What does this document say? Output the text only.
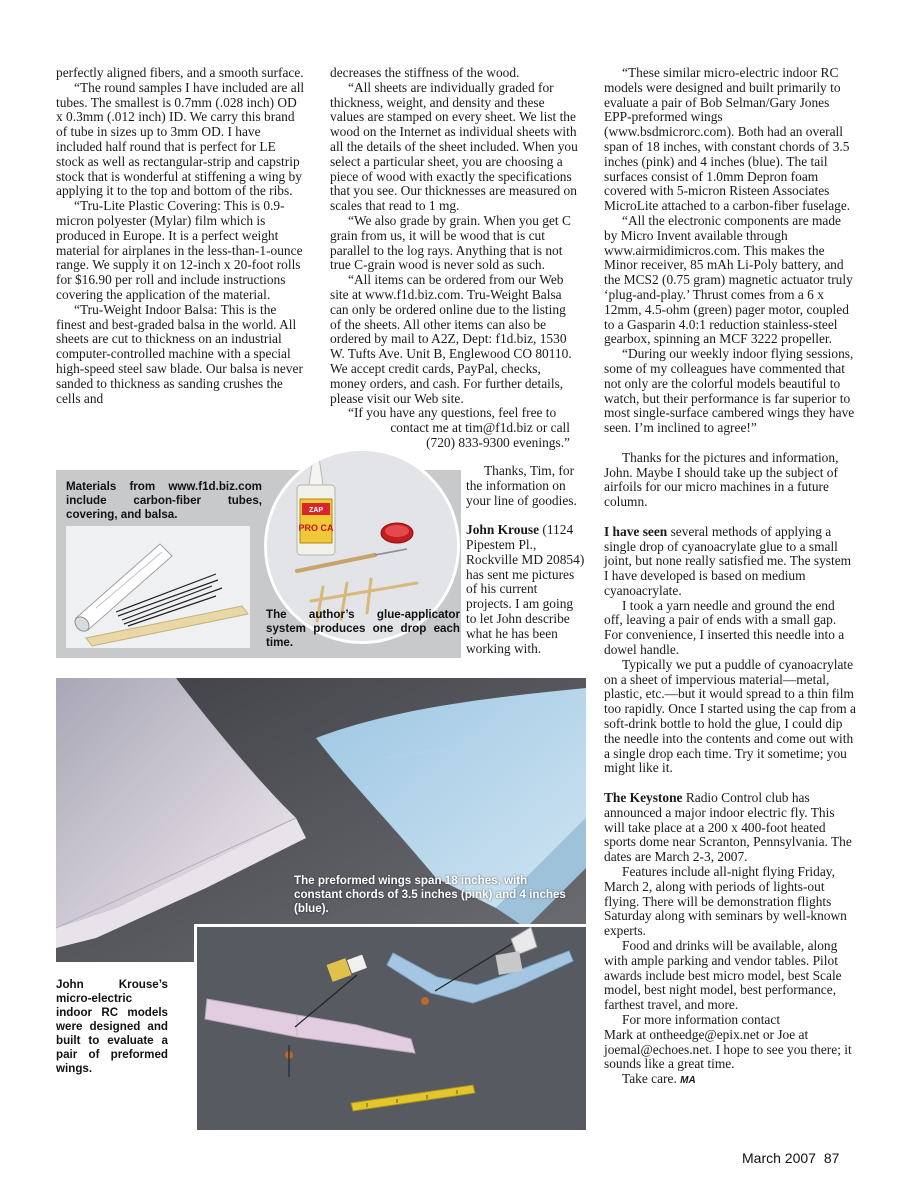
perfectly aligned fibers, and a smooth surface.

“The round samples I have included are all tubes. The smallest is 0.7mm (.028 inch) OD x 0.3mm (.012 inch) ID. We carry this brand of tube in sizes up to 3mm OD. I have included half round that is perfect for LE stock as well as rectangular-strip and capstrip stock that is wonderful at stiffening a wing by applying it to the top and bottom of the ribs.

“Tru-Lite Plastic Covering: This is 0.9-micron polyester (Mylar) film which is produced in Europe. It is a perfect weight material for airplanes in the less-than-1-ounce range. We supply it on 12-inch x 20-foot rolls for $16.90 per roll and include instructions covering the application of the material.

“Tru-Weight Indoor Balsa: This is the finest and best-graded balsa in the world. All sheets are cut to thickness on an industrial computer-controlled machine with a special high-speed steel saw blade. Our balsa is never sanded to thickness as sanding crushes the cells and

decreases the stiffness of the wood.

“All sheets are individually graded for thickness, weight, and density and these values are stamped on every sheet. We list the wood on the Internet as individual sheets with all the details of the sheet included. When you select a particular sheet, you are choosing a piece of wood with exactly the specifications that you see. Our thicknesses are measured on scales that read to 1 mg.

“We also grade by grain. When you get C grain from us, it will be wood that is cut parallel to the log rays. Anything that is not true C-grain wood is never sold as such.

“All items can be ordered from our Web site at www.f1d.biz.com. Tru-Weight Balsa can only be ordered online due to the listing of the sheets. All other items can also be ordered by mail to A2Z, Dept: f1d.biz, 1530 W. Tufts Ave. Unit B, Englewood CO 80110. We accept credit cards, PayPal, checks, money orders, and cash. For further details, please visit our Web site.

“If you have any questions, feel free to

contact me at tim@f1d.biz or call

(720) 833-9300 evenings.”

Thanks, Tim, for the information on your line of goodies.

John Krouse (1124 Pipestem Pl., Rockville MD 20854) has sent me pictures of his current projects. I am going to let John describe what he has been working with.

“These similar micro-electric indoor RC models were designed and built primarily to evaluate a pair of Bob Selman/Gary Jones EPP-preformed wings (www.bsdmicrorc.com). Both had an overall span of 18 inches, with constant chords of 3.5 inches (pink) and 4 inches (blue). The tail surfaces consist of 1.0mm Depron foam covered with 5-micron Risteen Associates MicroLite attached to a carbon-fiber fuselage.

“All the electronic components are made by Micro Invent available through www.airmidimicros.com. This makes the Minor receiver, 85 mAh Li-Poly battery, and the MCS2 (0.75 gram) magnetic actuator truly ‘plug-and-play.’ Thrust comes from a 6 x 12mm, 4.5-ohm (green) pager motor, coupled to a Gasparin 4.0:1 reduction stainless-steel gearbox, spinning an MCF 3222 propeller.

“During our weekly indoor flying sessions, some of my colleagues have commented that not only are the colorful models beautiful to watch, but their performance is far superior to most single-surface cambered wings they have seen. I’m inclined to agree!”

Thanks for the pictures and information, John. Maybe I should take up the subject of airfoils for our micro machines in a future column.

I have seen several methods of applying a single drop of cyanoacrylate glue to a small joint, but none really satisfied me. The system I have developed is based on medium cyanoacrylate.

I took a yarn needle and ground the end off, leaving a pair of ends with a small gap. For convenience, I inserted this needle into a dowel handle.

Typically we put a puddle of cyanoacrylate on a sheet of impervious material—metal, plastic, etc.—but it would spread to a thin film too rapidly. Once I started using the cap from a soft-drink bottle to hold the glue, I could dip the needle into the contents and come out with a single drop each time. Try it sometime; you might like it.

The Keystone Radio Control club has announced a major indoor electric fly. This will take place at a 200 x 400-foot heated sports dome near Scranton, Pennsylvania. The dates are March 2-3, 2007.

Features include all-night flying Friday, March 2, along with periods of lights-out flying. There will be demonstration flights Saturday along with seminars by well-known experts.

Food and drinks will be available, along with ample parking and vendor tables. Pilot awards include best micro model, best Scale model, best night model, best performance, farthest travel, and more.

For more information contact

Mark at ontheedge@epix.net or Joe at joemal@echoes.net. I hope to see you there; it sounds like a great time.

Take care. MA

Materials from www.f1d.biz.com include carbon-fiber tubes, covering, and balsa.	ZAP
PRO CA
The author’s glue-applicator system produces one drop each time.
The preformed wings span 18 inches, with constant chords of 3.5 inches (pink) and 4 inches (blue).
John Krouse’s micro-electric indoor RC models were designed and built to evaluate a pair of preformed wings.
March 2007 87
